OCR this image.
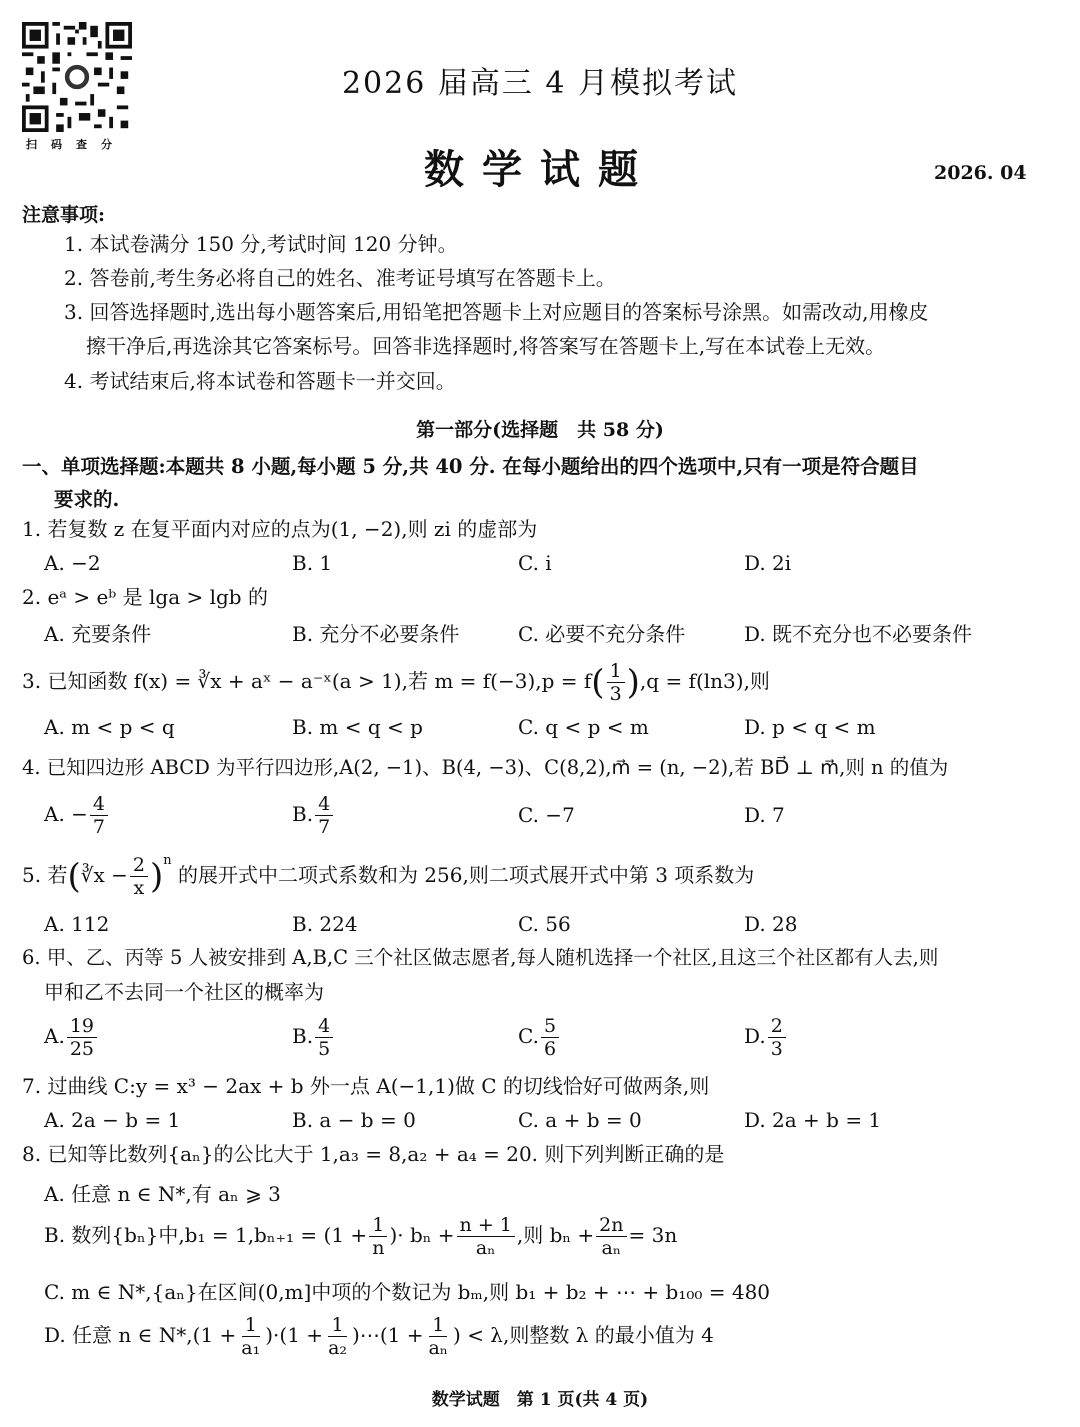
扫码查分
2026 届高三 4 月模拟考试
数学试题	2026. 04
注意事项:
1. 本试卷满分 150 分,考试时间 120 分钟。
2. 答卷前,考生务必将自己的姓名、准考证号填写在答题卡上。
3. 回答选择题时,选出每小题答案后,用铅笔把答题卡上对应题目的答案标号涂黑。如需改动,用橡皮
擦干净后,再选涂其它答案标号。回答非选择题时,将答案写在答题卡上,写在本试卷上无效。
4. 考试结束后,将本试卷和答题卡一并交回。
第一部分(选择题　共 58 分)
一、单项选择题:本题共 8 小题,每小题 5 分,共 40 分. 在每小题给出的四个选项中,只有一项是符合题目
要求的.
1. 若复数 z 在复平面内对应的点为(1, −2),则 zi 的虚部为
A. −2	B. 1	C. i	D. 2i
2. eᵃ > eᵇ 是 lga > lgb 的
A. 充要条件	B. 充分不必要条件	C. 必要不充分条件	D. 既不充分也不必要条件
3. 已知函数 f(x) = ∛x + aˣ − a⁻ˣ(a > 1),若 $m = f(-3),p = f( \frac{1}{3} ),q = f(\ln 3)$,则
A. m < p < q	B. m < q < p	C. q < p < m	D. p < q < m
4. 已知四边形 ABCD 为平行四边形,A(2, −1)、B(4, −3)、C(8,2),m⃗ = (n, −2),若 BD⃗ ⊥ m⃗,则 n 的值为
A. − $\frac{4}{7}$	B. $\frac{4}{7}$	C. −7	D. 7
5. 若(∛x − $\frac{2}{x} )^n$ 的展开式中二项式系数和为 256,则二项式展开式中第 3 项系数为
A. 112	B. 224	C. 56	D. 28
6. 甲、乙、丙等 5 人被安排到 A,B,C 三个社区做志愿者,每人随机选择一个社区,且这三个社区都有人去,则
甲和乙不去同一个社区的概率为
A. $\frac{19}{25}$	B. $\frac{4}{5}$	C. $\frac{5}{6}$	D. $\frac{2}{3}$
7. 过曲线 C:y = x³ − 2ax + b 外一点 A(−1,1)做 C 的切线恰好可做两条,则
A. 2a − b = 1	B. a − b = 0	C. a + b = 0	D. 2a + b = 1
8. 已知等比数列{aₙ}的公比大于 1,a₃ = 8,a₂ + a₄ = 20. 则下列判断正确的是
A. 任意 n ∈ N*,有 aₙ ⩾ 3
B. 数列{bₙ}中$,b_1 = 1,b_{n+1} = (1 + \frac{1}{n}$ )· $b_n + \frac{n + 1}{\text{aₙ}}$ ,则 $b_n + \frac{2n}{\text{aₙ}} = 3n$
C. m ∈ N*,{aₙ}在区间(0,m]中项的个数记为 bₘ,则 b₁ + b₂ + ⋯ + b₁₀₀ = 480
D. 任意 n ∈ $N*,(1 + \frac{1}{\text{a₁}} )\cdot(1 + \frac{1}{\text{a₂}}$ )⋯(1 + $\frac{1}{\text{aₙ}}$ ) < λ,则整数 λ 的最小值为 4
数学试题　第 1 页(共 4 页)
